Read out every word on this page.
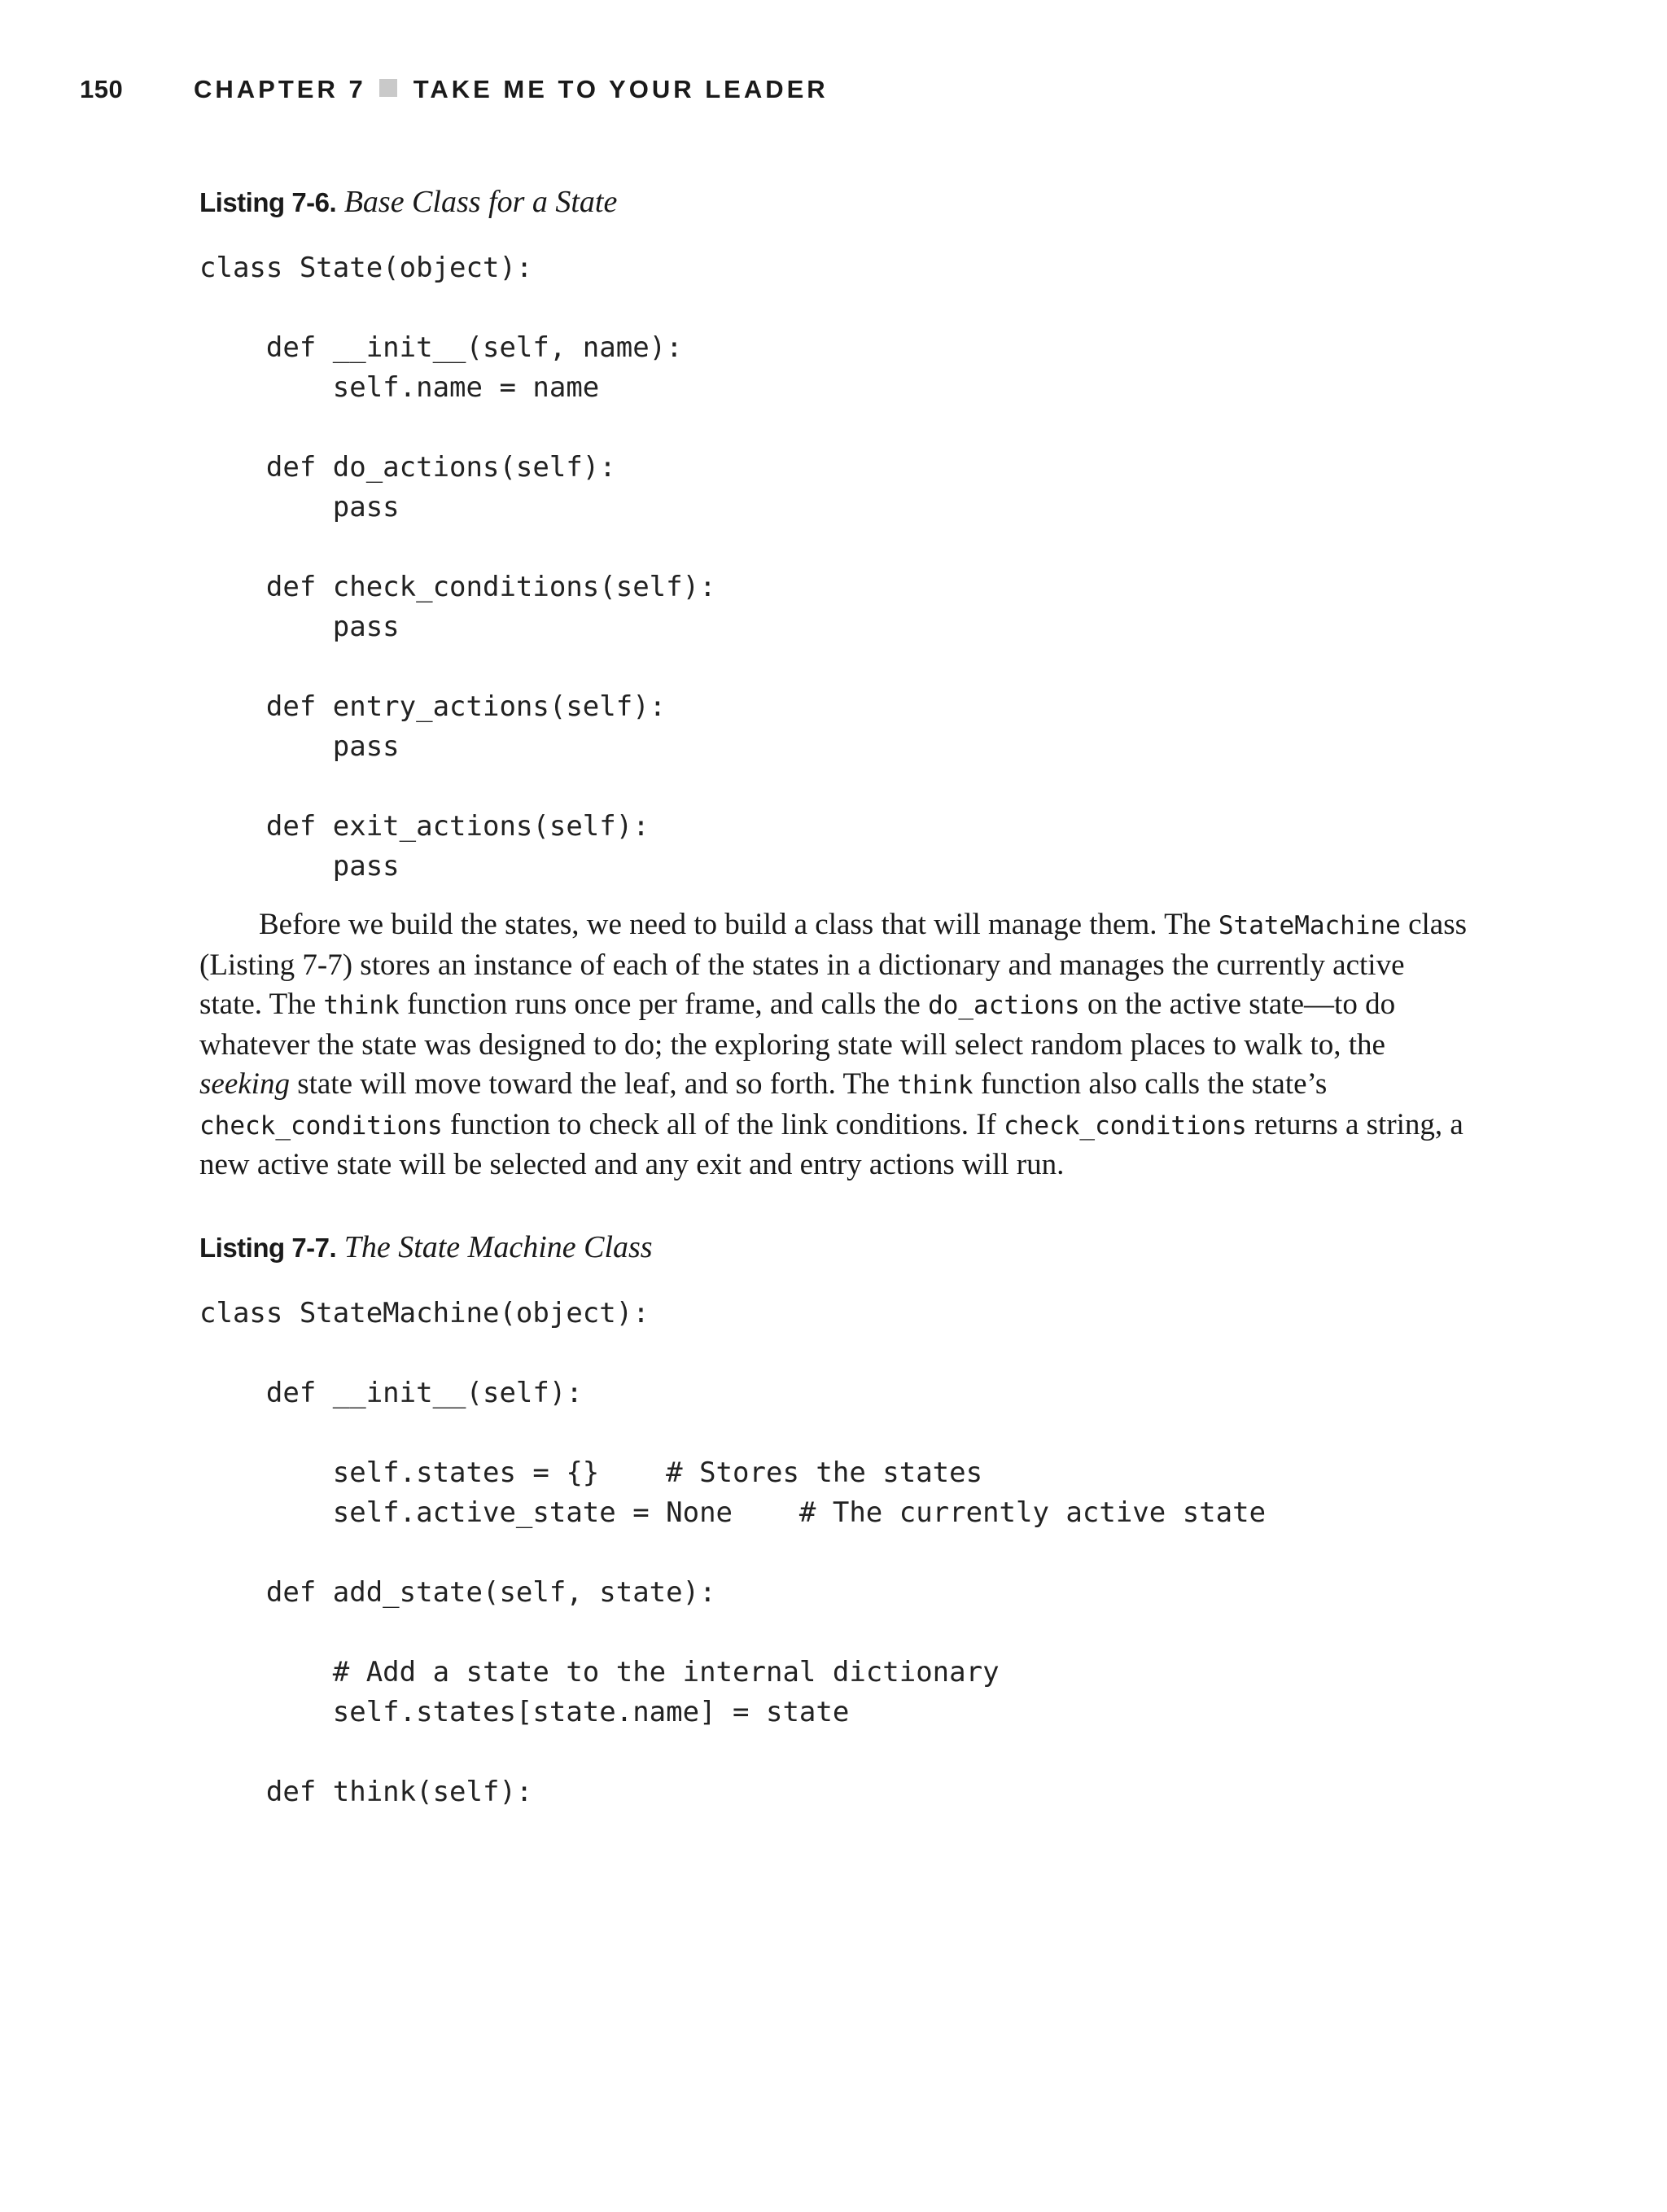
150	CHAPTER 7 TAKE ME TO YOUR LEADER
Listing 7-6. Base Class for a State
class State(object):
def __init__(self, name):
self.name = name
def do_actions(self):
pass
def check_conditions(self):
pass
def entry_actions(self):
pass
def exit_actions(self):
pass

Before we build the states, we need to build a class that will manage them. The StateMachine class (Listing 7-7) stores an instance of each of the states in a dictionary and manages the currently active state. The think function runs once per frame, and calls the do_actions on the active state—to do whatever the state was designed to do; the exploring state will select random places to walk to, the seeking state will move toward the leaf, and so forth. The think function also calls the state’s check_conditions function to check all of the link conditions. If check_conditions returns a string, a new active state will be selected and any exit and entry actions will run.

Listing 7-7. The State Machine Class
class StateMachine(object):
def __init__(self):
self.states = {}    # Stores the states
self.active_state = None    # The currently active state
def add_state(self, state):
# Add a state to the internal dictionary
self.states[state.name] = state
def think(self):
